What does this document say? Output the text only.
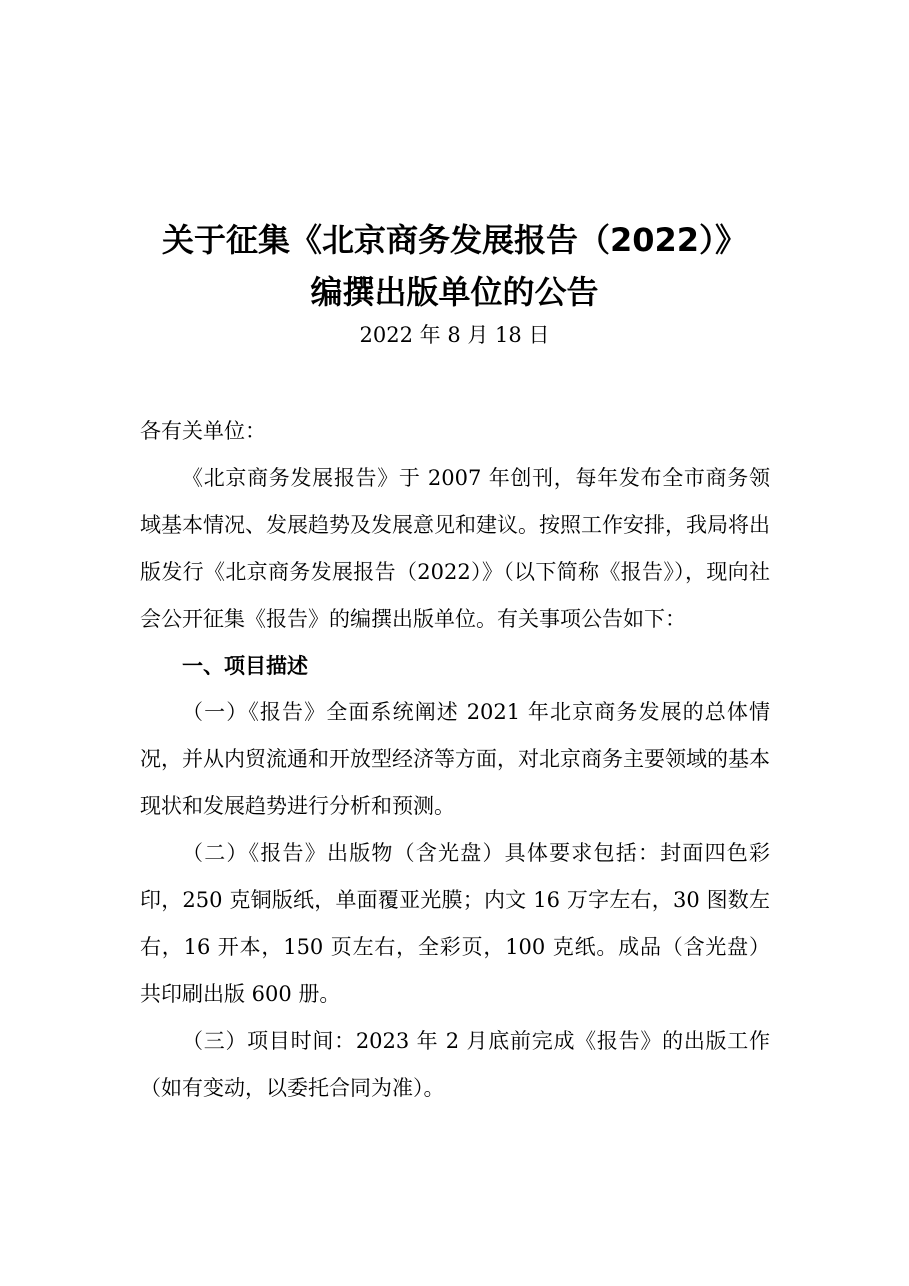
关于征集《北京商务发展报告（2022）》
编撰出版单位的公告
2022 年 8 月 18 日

各有关单位：

《北京商务发展报告》于 2007 年创刊，每年发布全市商务领域基本情况、发展趋势及发展意见和建议。按照工作安排，我局将出版发行《北京商务发展报告（2022）》（以下简称《报告》），现向社会公开征集《报告》的编撰出版单位。有关事项公告如下：

一、项目描述

（一）《报告》全面系统阐述 2021 年北京商务发展的总体情况，并从内贸流通和开放型经济等方面，对北京商务主要领域的基本现状和发展趋势进行分析和预测。

（二）《报告》出版物（含光盘）具体要求包括：封面四色彩印，250 克铜版纸，单面覆亚光膜；内文 16 万字左右，30 图数左右，16 开本，150 页左右，全彩页，100 克纸。成品（含光盘）共印刷出版 600 册。

（三）项目时间：2023 年 2 月底前完成《报告》的出版工作（如有变动，以委托合同为准）。
